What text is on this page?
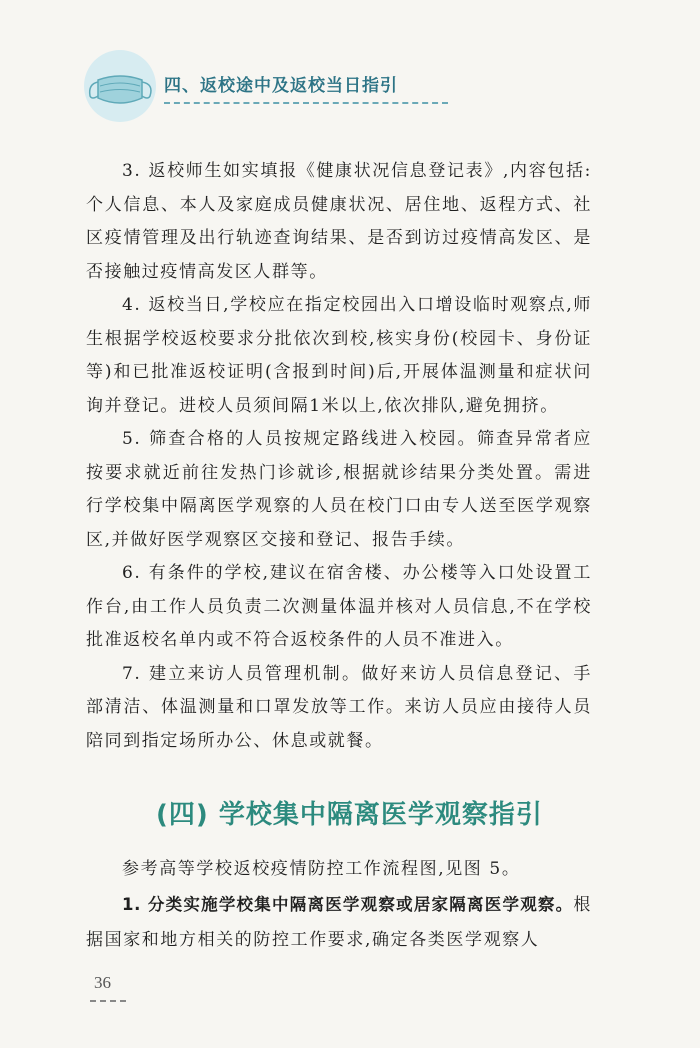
四、返校途中及返校当日指引

3. 返校师生如实填报《健康状况信息登记表》,内容包括:个人信息、本人及家庭成员健康状况、居住地、返程方式、社区疫情管理及出行轨迹查询结果、是否到访过疫情高发区、是否接触过疫情高发区人群等。

4. 返校当日,学校应在指定校园出入口增设临时观察点,师生根据学校返校要求分批依次到校,核实身份(校园卡、身份证等)和已批准返校证明(含报到时间)后,开展体温测量和症状问询并登记。进校人员须间隔1米以上,依次排队,避免拥挤。

5. 筛查合格的人员按规定路线进入校园。筛查异常者应按要求就近前往发热门诊就诊,根据就诊结果分类处置。需进行学校集中隔离医学观察的人员在校门口由专人送至医学观察区,并做好医学观察区交接和登记、报告手续。

6. 有条件的学校,建议在宿舍楼、办公楼等入口处设置工作台,由工作人员负责二次测量体温并核对人员信息,不在学校批准返校名单内或不符合返校条件的人员不准进入。

7. 建立来访人员管理机制。做好来访人员信息登记、手部清洁、体温测量和口罩发放等工作。来访人员应由接待人员陪同到指定场所办公、休息或就餐。

(四) 学校集中隔离医学观察指引

参考高等学校返校疫情防控工作流程图,见图 5。

1. 分类实施学校集中隔离医学观察或居家隔离医学观察。根据国家和地方相关的防控工作要求,确定各类医学观察人

36
